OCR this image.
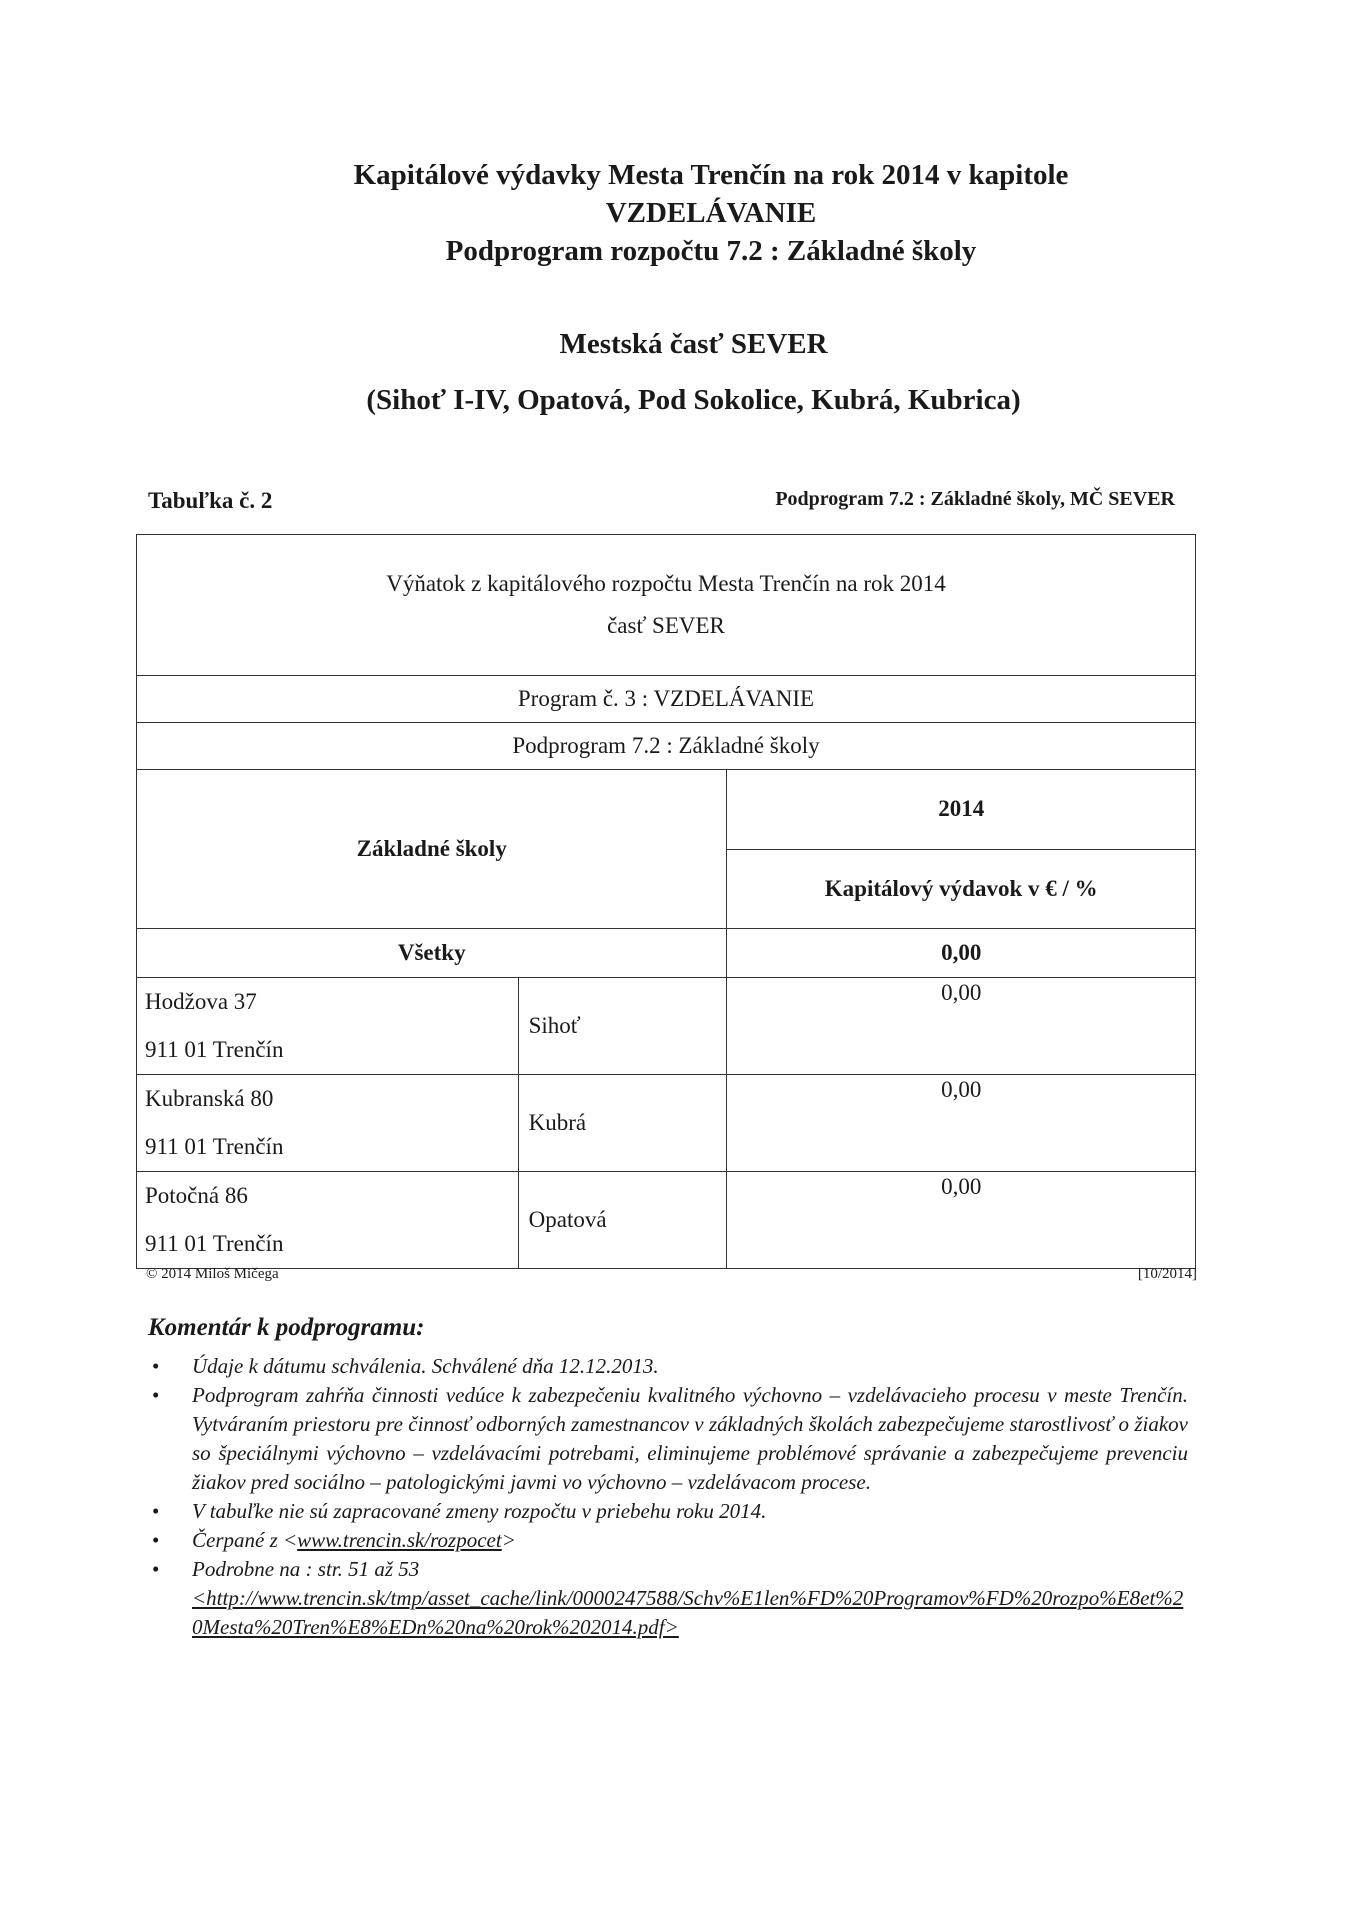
Kapitálové výdavky Mesta Trenčín na rok 2014 v kapitole
VZDELÁVANIE
Podprogram rozpočtu 7.2 : Základné školy
Mestská časť SEVER
(Sihoť I-IV, Opatová, Pod Sokolice, Kubrá, Kubrica)
Tabuľka č. 2	Podprogram 7.2 : Základné školy, MČ SEVER
Výňatok z kapitálového rozpočtu Mesta Trenčín na rok 2014
časť SEVER		

Program č. 3 : VZDELÁVANIE		
Podprogram 7.2 : Základné školy		
Základné školy		2014
		Kapitálový výdavok v € / %
Všetky		0,00

Hodžova 37
911 01 Trenčín	Sihoť	0,00

Kubranská 80
911 01 Trenčín	Kubrá	0,00

Potočná 86
911 01 Trenčín	Opatová	0,00
© 2014 Miloš Mičega	[10/2014]
Komentár k podprogramu:
• Údaje k dátumu schválenia. Schválené dňa 12.12.2013.
• Podprogram zahŕňa činnosti vedúce k zabezpečeniu kvalitného výchovno – vzdelávacieho procesu v meste Trenčín. Vytváraním priestoru pre činnosť odborných zamestnancov v základných školách zabezpečujeme starostlivosť o žiakov so špeciálnymi výchovno – vzdelávacími potrebami, eliminujeme problémové správanie a zabezpečujeme prevenciu žiakov pred sociálno – patologickými javmi vo výchovno – vzdelávacom procese.
• V tabuľke nie sú zapracované zmeny rozpočtu v priebehu roku 2014.
• Čerpané z <www.trencin.sk/rozpocet>
• Podrobne na : str. 51 až 53
<http://www.trencin.sk/tmp/asset_cache/link/0000247588/Schv%E1len%FD%20Programov%FD%20rozpo%E8et%20Mesta%20Tren%E8%EDn%20na%20rok%202014.pdf>
